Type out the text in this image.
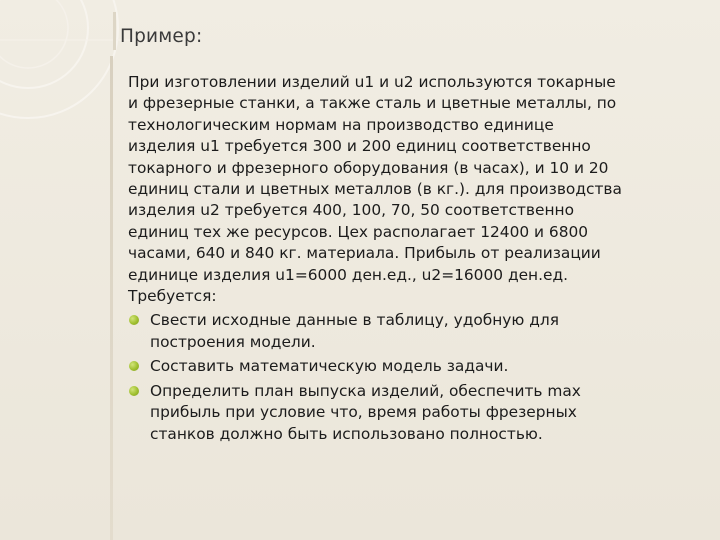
Пример:

При изготовлении изделий u1 и u2 используются токарные
и фрезерные станки, а также сталь и цветные металлы, по
технологическим нормам на производство единице
изделия u1 требуется 300 и 200 единиц соответственно
токарного и фрезерного оборудования (в часах), и 10 и 20
единиц стали и цветных металлов (в кг.). для производства
изделия u2 требуется 400, 100, 70, 50 соответственно
единиц тех же ресурсов. Цех располагает 12400 и 6800
часами, 640 и 840 кг. материала. Прибыль от реализации
единице изделия u1=6000 ден.ед., u2=16000 ден.ед.
Требуется:

Свести исходные данные в таблицу, удобную для
построения модели.
Составить математическую модель задачи.
Определить план выпуска изделий, обеспечить max
прибыль при условие что, время работы фрезерных
станков должно быть использовано полностью.
